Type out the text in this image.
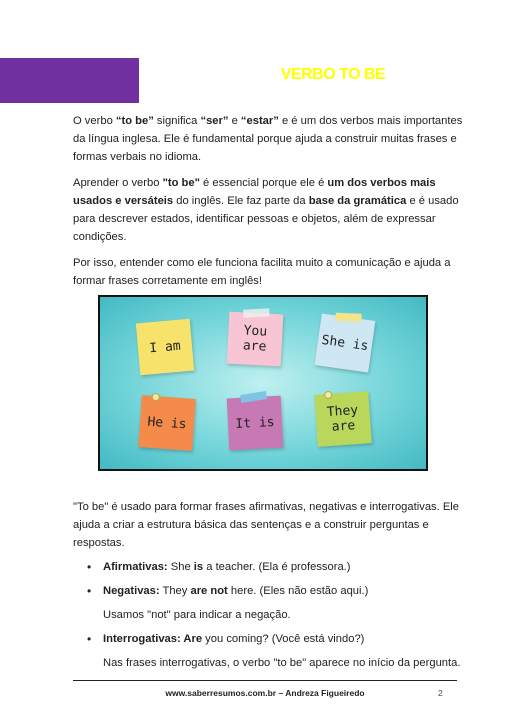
VERBO TO BE

O verbo “to be” significa “ser” e “estar” e é um dos verbos mais importantes da língua inglesa. Ele é fundamental porque ajuda a construir muitas frases e formas verbais no idioma.

Aprender o verbo "to be" é essencial porque ele é um dos verbos mais usados e versáteis do inglês. Ele faz parte da base da gramática e é usado para descrever estados, identificar pessoas e objetos, além de expressar condições.

Por isso, entender como ele funciona facilita muito a comunicação e ajuda a formar frases corretamente em inglês!

I am
You
are	She is
He is	It is
They
are

"To be" é usado para formar frases afirmativas, negativas e interrogativas. Ele ajuda a criar a estrutura básica das sentenças e a construir perguntas e respostas.

• Afirmativas: She is a teacher. (Ela é professora.)
• Negativas: They are not here. (Eles não estão aqui.)

Usamos "not" para indicar a negação.

• Interrogativas: Are you coming? (Você está vindo?)

Nas frases interrogativas, o verbo "to be" aparece no início da pergunta.

www.saberresumos.com.br – Andreza Figueiredo	2
